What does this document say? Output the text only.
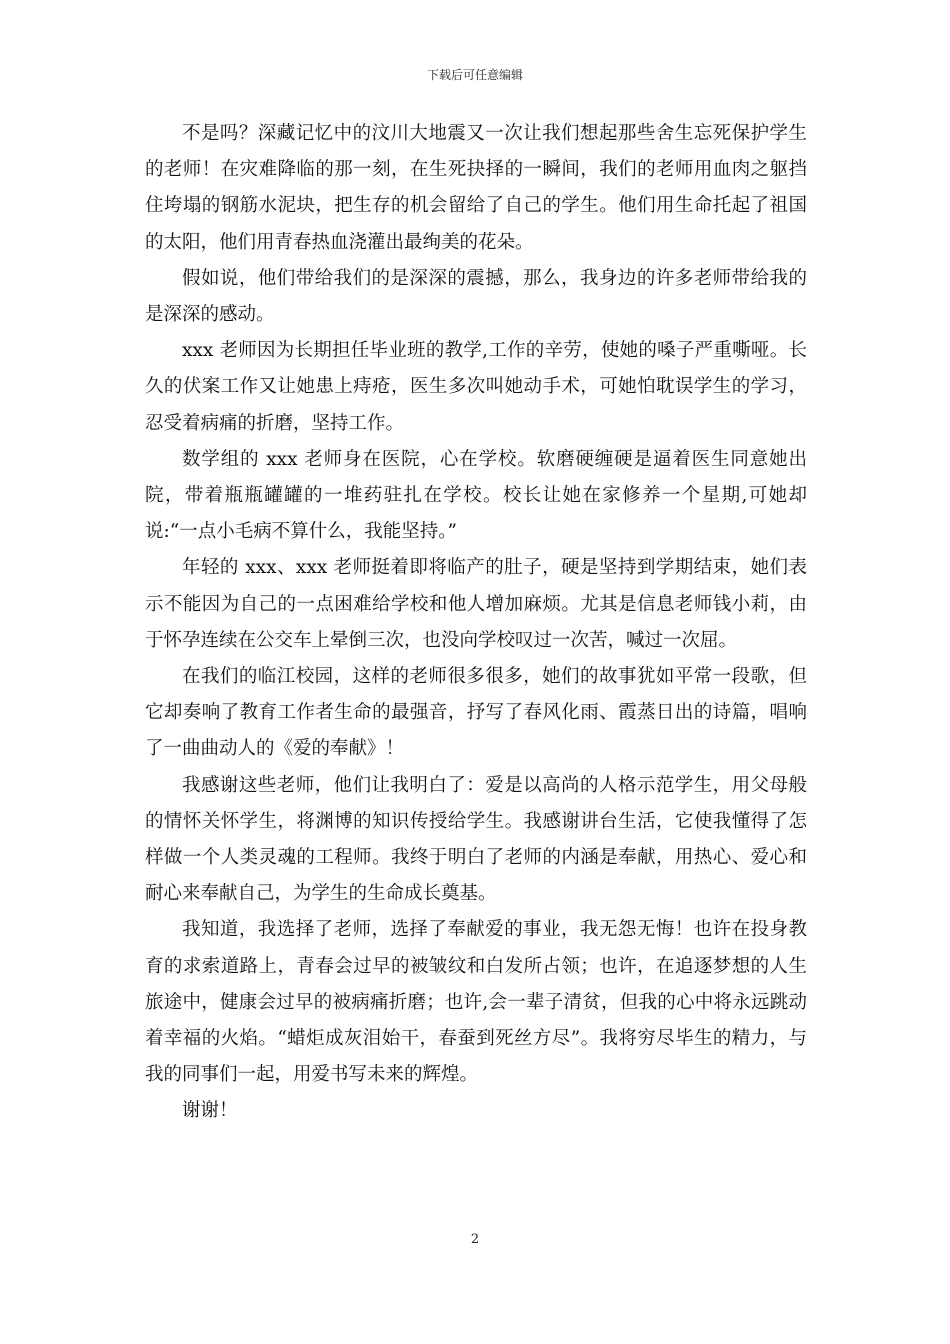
下载后可任意编辑

不是吗？深藏记忆中的汶川大地震又一次让我们想起那些舍生忘死保护学生的老师！在灾难降临的那一刻，在生死抉择的一瞬间，我们的老师用血肉之躯挡住垮塌的钢筋水泥块，把生存的机会留给了自己的学生。他们用生命托起了祖国的太阳，他们用青春热血浇灌出最绚美的花朵。

假如说，他们带给我们的是深深的震撼，那么，我身边的许多老师带给我的是深深的感动。

xxx 老师因为长期担任毕业班的教学,工作的辛劳，使她的嗓子严重嘶哑。长久的伏案工作又让她患上痔疮，医生多次叫她动手术，可她怕耽误学生的学习，忍受着病痛的折磨，坚持工作。

数学组的 xxx 老师身在医院，心在学校。软磨硬缠硬是逼着医生同意她出院，带着瓶瓶罐罐的一堆药驻扎在学校。校长让她在家修养一个星期,可她却说:“一点小毛病不算什么，我能坚持。”

年轻的 xxx、xxx 老师挺着即将临产的肚子，硬是坚持到学期结束，她们表示不能因为自己的一点困难给学校和他人增加麻烦。尤其是信息老师钱小莉，由于怀孕连续在公交车上晕倒三次，也没向学校叹过一次苦，喊过一次屈。

在我们的临江校园，这样的老师很多很多，她们的故事犹如平常一段歌，但它却奏响了教育工作者生命的最强音，抒写了春风化雨、霞蒸日出的诗篇，唱响了一曲曲动人的《爱的奉献》！

我感谢这些老师，他们让我明白了：爱是以高尚的人格示范学生，用父母般的情怀关怀学生，将渊博的知识传授给学生。我感谢讲台生活，它使我懂得了怎样做一个人类灵魂的工程师。我终于明白了老师的内涵是奉献，用热心、爱心和耐心来奉献自己，为学生的生命成长奠基。

我知道，我选择了老师，选择了奉献爱的事业，我无怨无悔！也许在投身教育的求索道路上，青春会过早的被皱纹和白发所占领；也许，在追逐梦想的人生旅途中，健康会过早的被病痛折磨；也许,会一辈子清贫，但我的心中将永远跳动着幸福的火焰。“蜡炬成灰泪始干，春蚕到死丝方尽”。我将穷尽毕生的精力，与我的同事们一起，用爱书写未来的辉煌。

谢谢！

2
